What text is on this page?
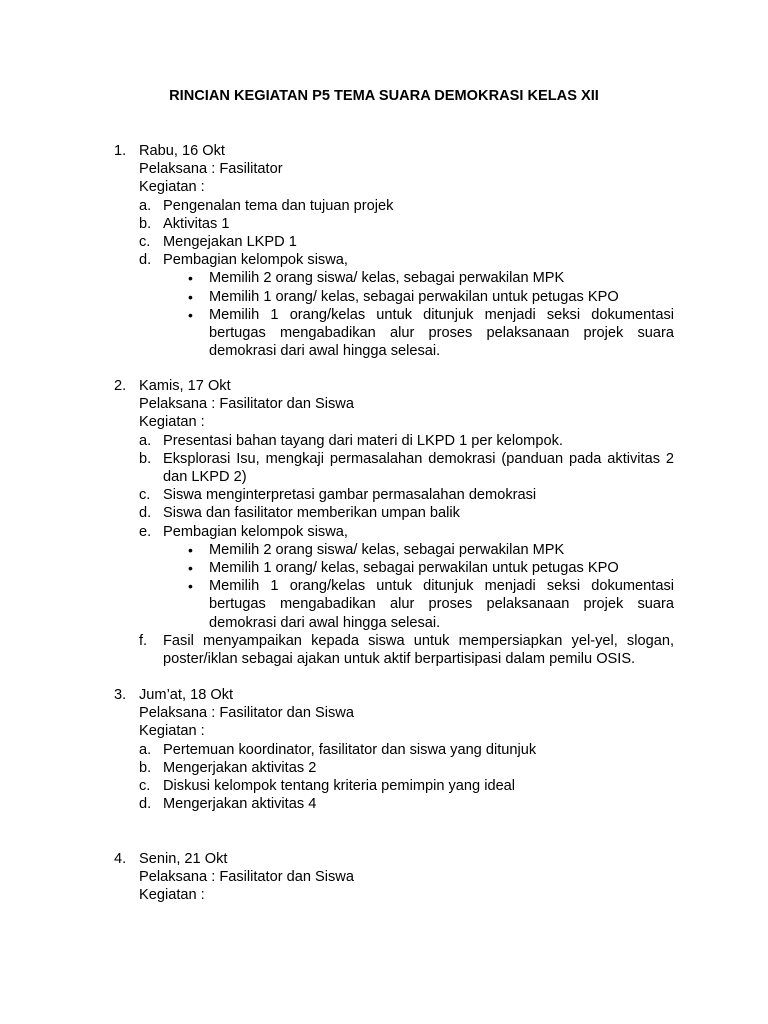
RINCIAN KEGIATAN P5 TEMA SUARA DEMOKRASI KELAS XII
1. Rabu, 16 Okt
Pelaksana : Fasilitator
Kegiatan :
a. Pengenalan tema dan tujuan projek
b. Aktivitas 1
c. Mengejakan LKPD 1
d. Pembagian kelompok siswa,
• Memilih 2 orang siswa/ kelas, sebagai perwakilan MPK
• Memilih 1 orang/ kelas, sebagai perwakilan untuk petugas KPO
• Memilih 1 orang/kelas untuk ditunjuk menjadi seksi dokumentasi bertugas mengabadikan alur proses pelaksanaan projek suara demokrasi dari awal hingga selesai.
2. Kamis, 17 Okt
Pelaksana : Fasilitator dan Siswa
Kegiatan :
a. Presentasi bahan tayang dari materi di LKPD 1 per kelompok.
b. Eksplorasi Isu, mengkaji permasalahan demokrasi (panduan pada aktivitas 2 dan LKPD 2)
c. Siswa menginterpretasi gambar permasalahan demokrasi
d. Siswa dan fasilitator memberikan umpan balik
e. Pembagian kelompok siswa,
• Memilih 2 orang siswa/ kelas, sebagai perwakilan MPK
• Memilih 1 orang/ kelas, sebagai perwakilan untuk petugas KPO
• Memilih 1 orang/kelas untuk ditunjuk menjadi seksi dokumentasi bertugas mengabadikan alur proses pelaksanaan projek suara demokrasi dari awal hingga selesai.
f. Fasil menyampaikan kepada siswa untuk mempersiapkan yel-yel, slogan, poster/iklan sebagai ajakan untuk aktif berpartisipasi dalam pemilu OSIS.
3. Jum’at, 18 Okt
Pelaksana : Fasilitator dan Siswa
Kegiatan :
a. Pertemuan koordinator, fasilitator dan siswa yang ditunjuk
b. Mengerjakan aktivitas 2
c. Diskusi kelompok tentang kriteria pemimpin yang ideal
d. Mengerjakan aktivitas 4
4. Senin, 21 Okt
Pelaksana : Fasilitator dan Siswa
Kegiatan :
